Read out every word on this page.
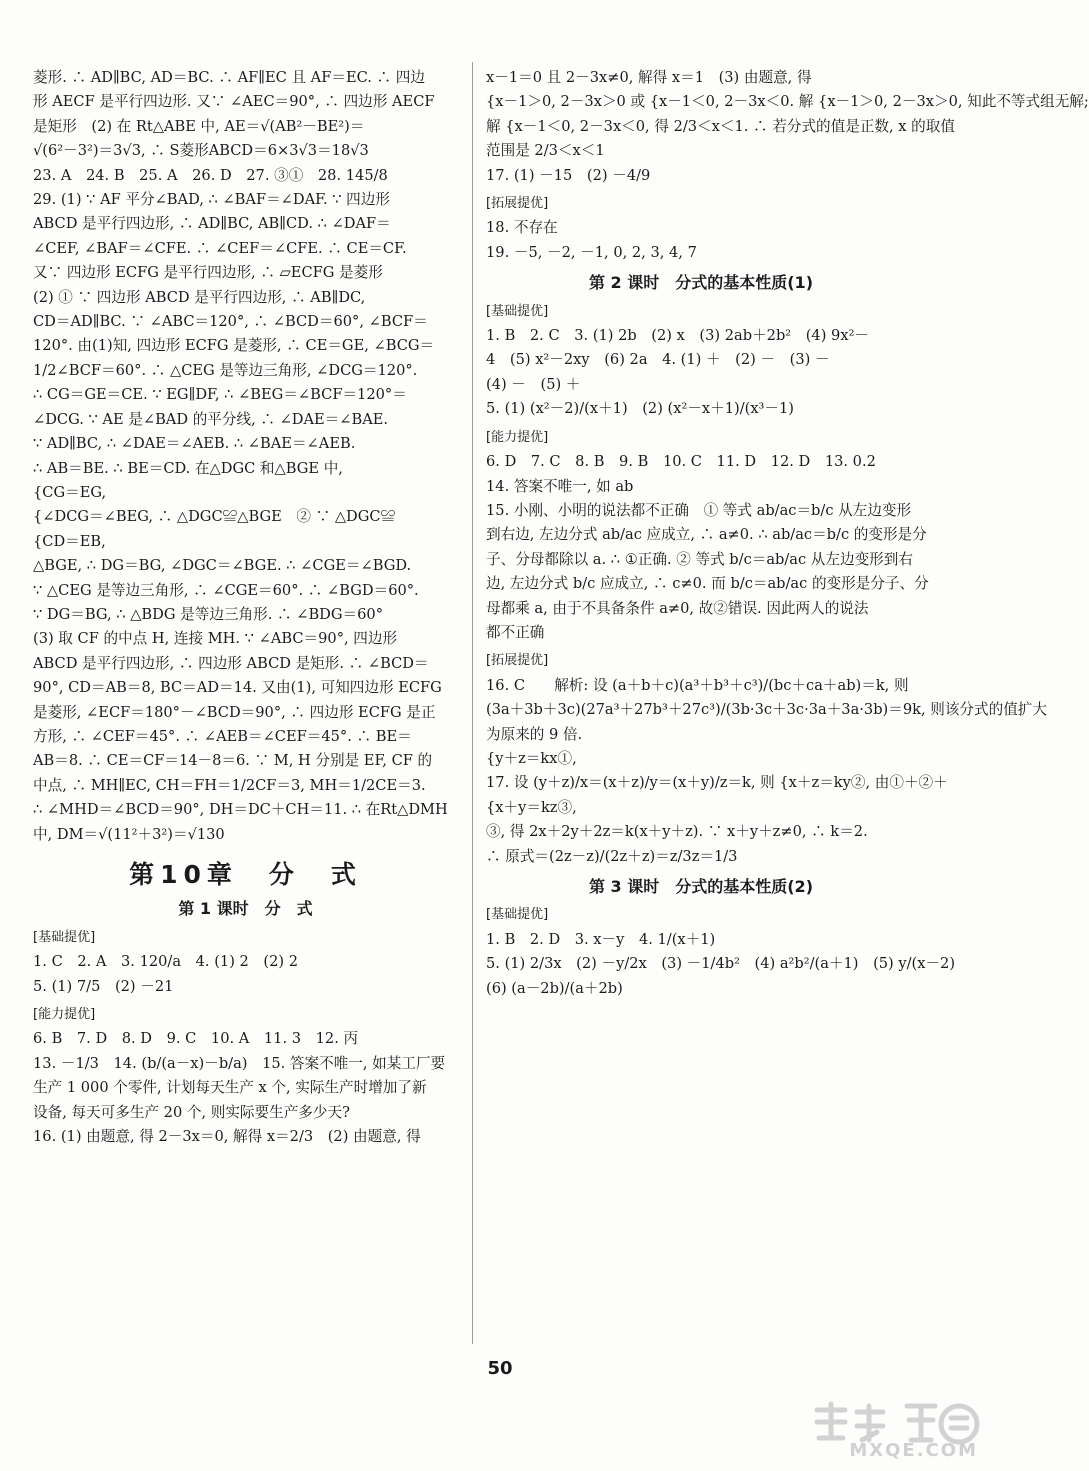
菱形. ∴ AD∥BC, AD＝BC. ∴ AF∥EC 且 AF＝EC. ∴ 四边
形 AECF 是平行四边形. 又∵ ∠AEC＝90°, ∴ 四边形 AECF
是矩形　(2) 在 Rt△ABE 中, AE＝√(AB²－BE²)＝
√(6²－3²)＝3√3, ∴ S菱形ABCD＝6×3√3＝18√3
23. A　24. B　25. A　26. D　27. ③①　28. 145/8
29. (1) ∵ AF 平分∠BAD, ∴ ∠BAF＝∠DAF. ∵ 四边形
ABCD 是平行四边形, ∴ AD∥BC, AB∥CD. ∴ ∠DAF＝
∠CEF, ∠BAF＝∠CFE. ∴ ∠CEF＝∠CFE. ∴ CE＝CF.
又∵ 四边形 ECFG 是平行四边形, ∴ ▱ECFG 是菱形
(2) ① ∵ 四边形 ABCD 是平行四边形, ∴ AB∥DC,
CD＝AD∥BC. ∵ ∠ABC＝120°, ∴ ∠BCD＝60°, ∠BCF＝
120°. 由(1)知, 四边形 ECFG 是菱形, ∴ CE＝GE, ∠BCG＝
1/2∠BCF＝60°. ∴ △CEG 是等边三角形, ∠DCG＝120°.
∴ CG＝GE＝CE. ∵ EG∥DF, ∴ ∠BEG＝∠BCF＝120°＝
∠DCG. ∵ AE 是∠BAD 的平分线, ∴ ∠DAE＝∠BAE.
∵ AD∥BC, ∴ ∠DAE＝∠AEB. ∴ ∠BAE＝∠AEB.
∴ AB＝BE. ∴ BE＝CD. 在△DGC 和△BGE 中,
{CG＝EG,
{∠DCG＝∠BEG, ∴ △DGC≌△BGE　② ∵ △DGC≌
{CD＝EB,
△BGE, ∴ DG＝BG, ∠DGC＝∠BGE. ∴ ∠CGE＝∠BGD.
∵ △CEG 是等边三角形, ∴ ∠CGE＝60°. ∴ ∠BGD＝60°.
∵ DG＝BG, ∴ △BDG 是等边三角形. ∴ ∠BDG＝60°
(3) 取 CF 的中点 H, 连接 MH. ∵ ∠ABC＝90°, 四边形
ABCD 是平行四边形, ∴ 四边形 ABCD 是矩形. ∴ ∠BCD＝
90°, CD＝AB＝8, BC＝AD＝14. 又由(1), 可知四边形 ECFG
是菱形, ∠ECF＝180°－∠BCD＝90°, ∴ 四边形 ECFG 是正
方形, ∴ ∠CEF＝45°. ∴ ∠AEB＝∠CEF＝45°. ∴ BE＝
AB＝8. ∴ CE＝CF＝14－8＝6. ∵ M, H 分别是 EF, CF 的
中点, ∴ MH∥EC, CH＝FH＝1/2CF＝3, MH＝1/2CE＝3.
∴ ∠MHD＝∠BCD＝90°, DH＝DC＋CH＝11. ∴ 在Rt△DMH
中, DM＝√(11²＋3²)＝√130
第10章　分　式
第 1 课时　分　式
[基础提优]
1. C　2. A　3. 120/a　4. (1) 2　(2) 2
5. (1) 7/5　(2) －21
[能力提优]
6. B　7. D　8. D　9. C　10. A　11. 3　12. 丙
13. －1/3　14. (b/(a－x)－b/a)　15. 答案不唯一, 如某工厂要
生产 1 000 个零件, 计划每天生产 x 个, 实际生产时增加了新
设备, 每天可多生产 20 个, 则实际要生产多少天?
16. (1) 由题意, 得 2－3x＝0, 解得 x＝2/3　(2) 由题意, 得
x－1＝0 且 2－3x≠0, 解得 x＝1　(3) 由题意, 得
{x－1＞0, 2－3x＞0 或 {x－1＜0, 2－3x＜0. 解 {x－1＞0, 2－3x＞0, 知此不等式组无解;
解 {x－1＜0, 2－3x＜0, 得 2/3＜x＜1. ∴ 若分式的值是正数, x 的取值
范围是 2/3＜x＜1
17. (1) －15　(2) －4/9
[拓展提优]
18. 不存在
19. －5, －2, －1, 0, 2, 3, 4, 7
第 2 课时　分式的基本性质(1)
[基础提优]
1. B　2. C　3. (1) 2b　(2) x　(3) 2ab＋2b²　(4) 9x²－
4　(5) x²－2xy　(6) 2a　4. (1) ＋　(2) －　(3) －
(4) －　(5) ＋
5. (1) (x²－2)/(x＋1)　(2) (x²－x＋1)/(x³－1)
[能力提优]
6. D　7. C　8. B　9. B　10. C　11. D　12. D　13. 0.2
14. 答案不唯一, 如 ab
15. 小刚、小明的说法都不正确　① 等式 ab/ac＝b/c 从左边变形
到右边, 左边分式 ab/ac 应成立, ∴ a≠0. ∴ ab/ac＝b/c 的变形是分
子、分母都除以 a. ∴ ①正确. ② 等式 b/c＝ab/ac 从左边变形到右
边, 左边分式 b/c 应成立, ∴ c≠0. 而 b/c＝ab/ac 的变形是分子、分
母都乘 a, 由于不具备条件 a≠0, 故②错误. 因此两人的说法
都不正确
[拓展提优]
16. C　　解析: 设 (a＋b＋c)(a³＋b³＋c³)/(bc＋ca＋ab)＝k, 则
(3a＋3b＋3c)(27a³＋27b³＋27c³)/(3b·3c＋3c·3a＋3a·3b)＝9k, 则该分式的值扩大
为原来的 9 倍.
{y＋z＝kx①,
17. 设 (y＋z)/x＝(x＋z)/y＝(x＋y)/z＝k, 则 {x＋z＝ky②, 由①＋②＋
{x＋y＝kz③,
③, 得 2x＋2y＋2z＝k(x＋y＋z). ∵ x＋y＋z≠0, ∴ k＝2.
∴ 原式＝(2z－z)/(2z＋z)＝z/3z＝1/3
第 3 课时　分式的基本性质(2)
[基础提优]
1. B　2. D　3. x－y　4. 1/(x＋1)
5. (1) 2/3x　(2) －y/2x　(3) －1/4b²　(4) a²b²/(a＋1)　(5) y/(x－2)
(6) (a－2b)/(a＋2b)
50
MXQE.COM
